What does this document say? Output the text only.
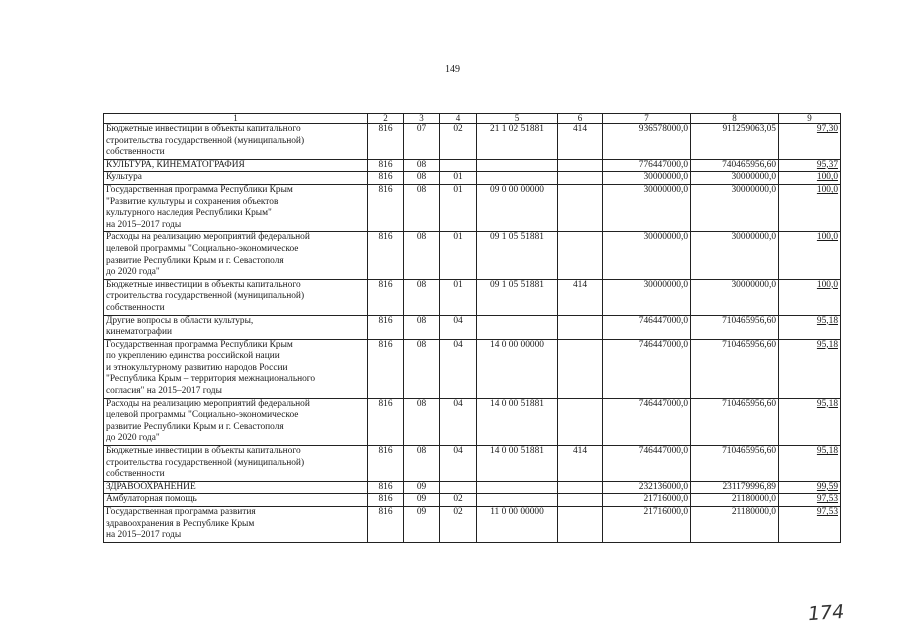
149
1	2	3	4	5	6	7	8	9
Бюджетные инвестиции в объекты капитального
строительства государственной (муниципальной)
собственности	816	07	02	21 1 02 51881	414	936578000,0	911259063,05	97,30
КУЛЬТУРА, КИНЕМАТОГРАФИЯ	816	08				776447000,0	740465956,60	95,37
Культура	816	08	01			30000000,0	30000000,0	100,0
Государственная программа Республики Крым
"Развитие культуры и сохранения объектов
культурного наследия Республики Крым"
на 2015–2017 годы	816	08	01	09 0 00 00000		30000000,0	30000000,0	100,0
Расходы на реализацию мероприятий федеральной
целевой программы "Социально-экономическое
развитие Республики Крым и г. Севастополя
до 2020 года"	816	08	01	09 1 05 51881		30000000,0	30000000,0	100,0
Бюджетные инвестиции в объекты капитального
строительства государственной (муниципальной)
собственности	816	08	01	09 1 05 51881	414	30000000,0	30000000,0	100,0
Другие вопросы в области культуры,
кинематографии	816	08	04			746447000,0	710465956,60	95,18
Государственная программа Республики Крым
по укреплению единства российской нации
и этнокультурному развитию народов России
"Республика Крым – территория межнационального
согласия" на 2015–2017 годы	816	08	04	14 0 00 00000		746447000,0	710465956,60	95,18
Расходы на реализацию мероприятий федеральной
целевой программы "Социально-экономическое
развитие Республики Крым и г. Севастополя
до 2020 года"	816	08	04	14 0 00 51881		746447000,0	710465956,60	95,18
Бюджетные инвестиции в объекты капитального
строительства государственной (муниципальной)
собственности	816	08	04	14 0 00 51881	414	746447000,0	710465956,60	95,18
ЗДРАВООХРАНЕНИЕ	816	09				232136000,0	231179996,89	99,59
Амбулаторная помощь	816	09	02			21716000,0	21180000,0	97,53
Государственная программа развития
здравоохранения в Республике Крым
на 2015–2017 годы	816	09	02	11 0 00 00000		21716000,0	21180000,0	97,53
174
